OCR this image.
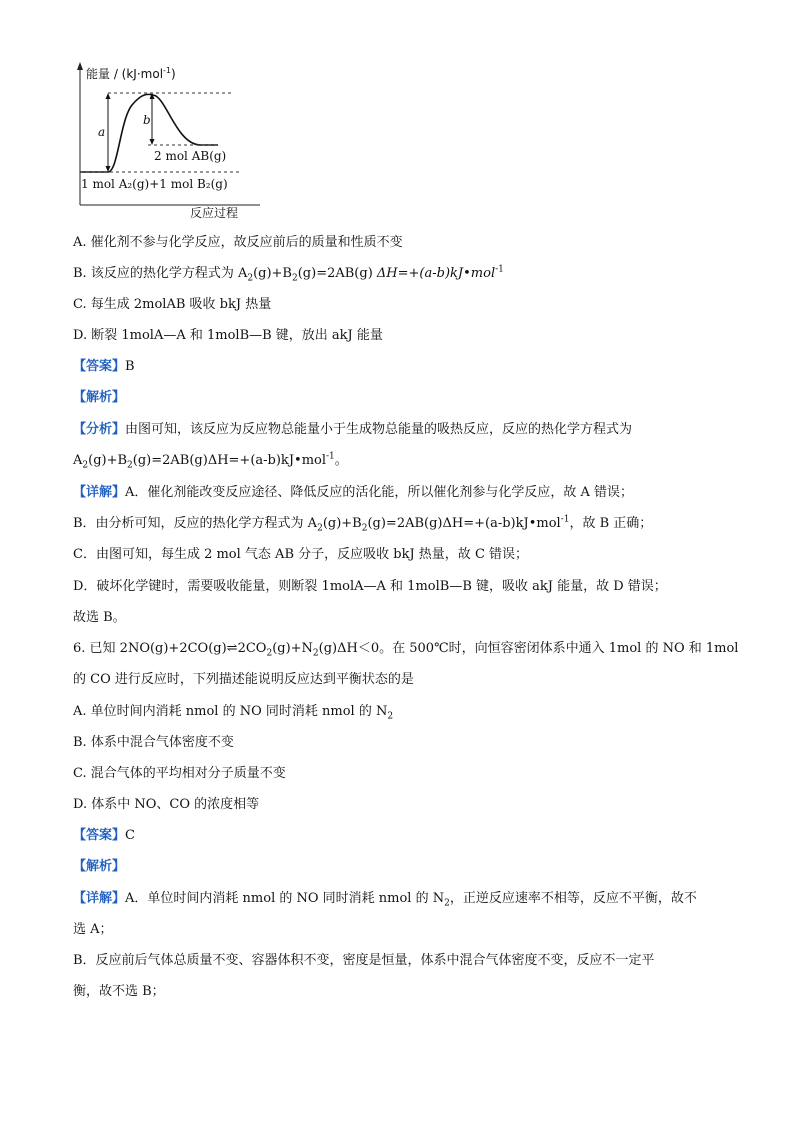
能量 / (kJ·mol$^{-1}$)
a
b
2 mol AB(g)
1 mol A₂(g)+1 mol B₂(g)
反应过程
A. 催化剂不参与化学反应，故反应前后的质量和性质不变
B. 该反应的热化学方程式为 $A_2(g)+B_2(g)=2AB(g)$ ΔH=+(a-b)kJ•mol$^{-1}$
C. 每生成 2molAB 吸收 bkJ 热量
D. 断裂 1molA—A 和 1molB—B 键，放出 akJ 能量
【答案】B
【解析】
【分析】由图可知，该反应为反应物总能量小于生成物总能量的吸热反应，反应的热化学方程式为
$A_2(g)+B_2(g)=2AB(g)\Delta H=+(a-b)kJ•mol^{-1}$。
【详解】A．催化剂能改变反应途径、降低反应的活化能，所以催化剂参与化学反应，故 A 错误；
B．由分析可知，反应的热化学方程式为 $A_2(g)+B_2(g)=2AB(g)\Delta H=+(a-b)kJ•mol^{-1}$，故 B 正确；
C．由图可知，每生成 2 mol 气态 AB 分子，反应吸收 bkJ 热量，故 C 错误；
D．破坏化学键时，需要吸收能量，则断裂 1molA—A 和 1molB—B 键，吸收 akJ 能量，故 D 错误；
故选 B。
6. 已知 $2NO(g)+2CO(g)\rightleftharpoons 2CO_2(g)+N_2(g)\Delta H<0$。在 500℃时，向恒容密闭体系中通入 1mol 的 NO 和 1mol
的 CO 进行反应时，下列描述能说明反应达到平衡状态的是
A. 单位时间内消耗 nmol 的 NO 同时消耗 nmol 的 $N_2$
B. 体系中混合气体密度不变
C. 混合气体的平均相对分子质量不变
D. 体系中 NO、CO 的浓度相等
【答案】C
【解析】
【详解】A．单位时间内消耗 nmol 的 NO 同时消耗 nmol 的 $N_2$，正逆反应速率不相等，反应不平衡，故不
选 A；
B．反应前后气体总质量不变、容器体积不变，密度是恒量，体系中混合气体密度不变，反应不一定平
衡，故不选 B；
